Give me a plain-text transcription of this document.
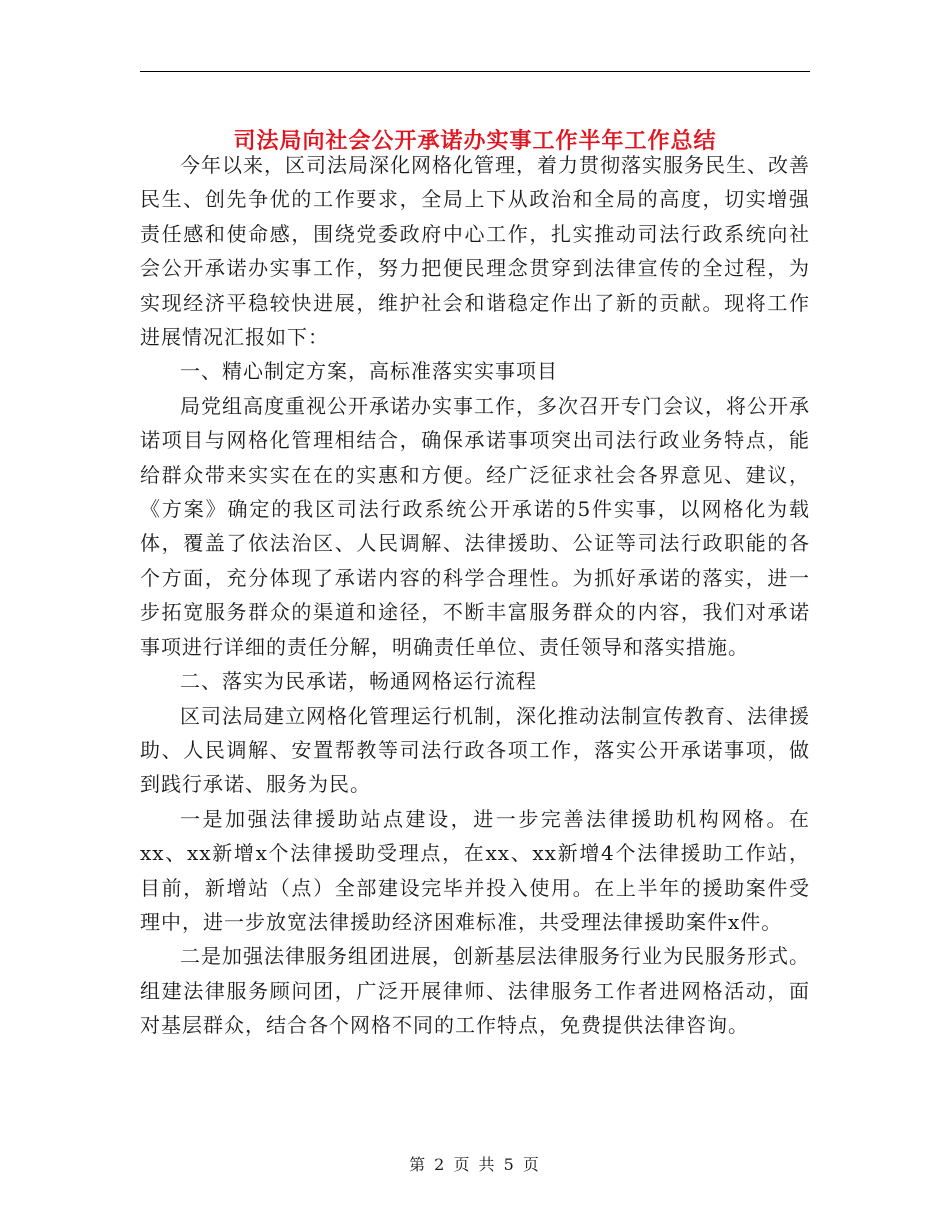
司法局向社会公开承诺办实事工作半年工作总结

今年以来，区司法局深化网格化管理，着力贯彻落实服务民生、改善民生、创先争优的工作要求，全局上下从政治和全局的高度，切实增强责任感和使命感，围绕党委政府中心工作，扎实推动司法行政系统向社会公开承诺办实事工作，努力把便民理念贯穿到法律宣传的全过程，为实现经济平稳较快进展，维护社会和谐稳定作出了新的贡献。现将工作进展情况汇报如下：

一、精心制定方案，高标准落实实事项目

局党组高度重视公开承诺办实事工作，多次召开专门会议，将公开承诺项目与网格化管理相结合，确保承诺事项突出司法行政业务特点，能给群众带来实实在在的实惠和方便。经广泛征求社会各界意见、建议，《方案》确定的我区司法行政系统公开承诺的5件实事，以网格化为载体，覆盖了依法治区、人民调解、法律援助、公证等司法行政职能的各个方面，充分体现了承诺内容的科学合理性。为抓好承诺的落实，进一步拓宽服务群众的渠道和途径，不断丰富服务群众的内容，我们对承诺事项进行详细的责任分解，明确责任单位、责任领导和落实措施。

二、落实为民承诺，畅通网格运行流程

区司法局建立网格化管理运行机制，深化推动法制宣传教育、法律援助、人民调解、安置帮教等司法行政各项工作，落实公开承诺事项，做到践行承诺、服务为民。

一是加强法律援助站点建设，进一步完善法律援助机构网格。在xx、xx新增x个法律援助受理点，在xx、xx新增4个法律援助工作站，目前，新增站（点）全部建设完毕并投入使用。在上半年的援助案件受理中，进一步放宽法律援助经济困难标准，共受理法律援助案件x件。

二是加强法律服务组团进展，创新基层法律服务行业为民服务形式。组建法律服务顾问团，广泛开展律师、法律服务工作者进网格活动，面对基层群众，结合各个网格不同的工作特点，免费提供法律咨询。

第 2 页 共 5 页
